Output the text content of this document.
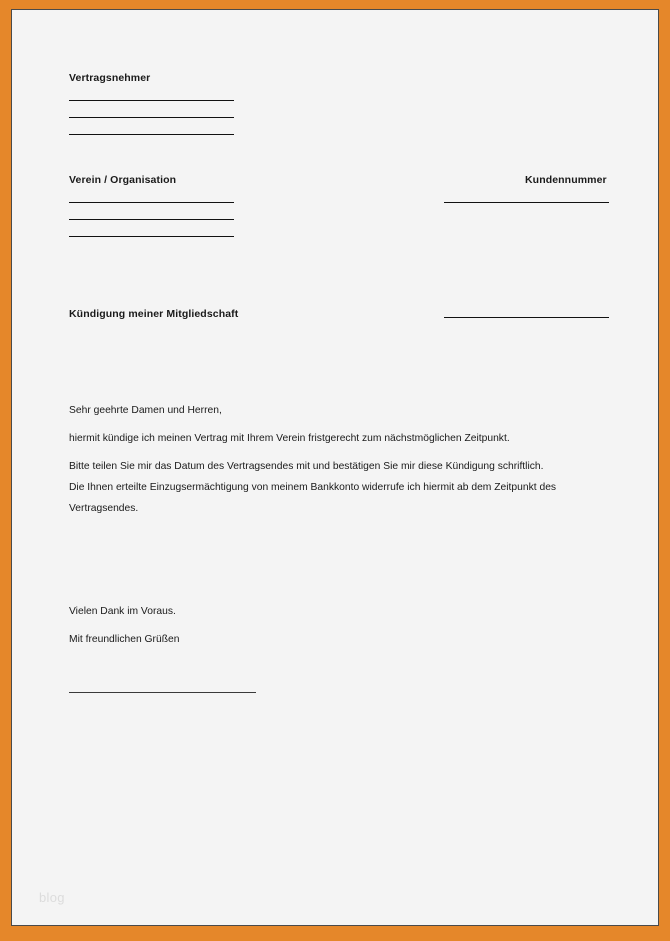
Vertragsnehmer
Verein / Organisation	Kundennummer
Kündigung meiner Mitgliedschaft
Sehr geehrte Damen und Herren,
hiermit kündige ich meinen Vertrag mit Ihrem Verein fristgerecht zum nächstmöglichen Zeitpunkt.
Bitte teilen Sie mir das Datum des Vertragsendes mit und bestätigen Sie mir diese Kündigung schriftlich.
Die Ihnen erteilte Einzugsermächtigung von meinem Bankkonto widerrufe ich hiermit ab dem Zeitpunkt des
Vertragsendes.
Vielen Dank im Voraus.
Mit freundlichen Grüßen
blog
